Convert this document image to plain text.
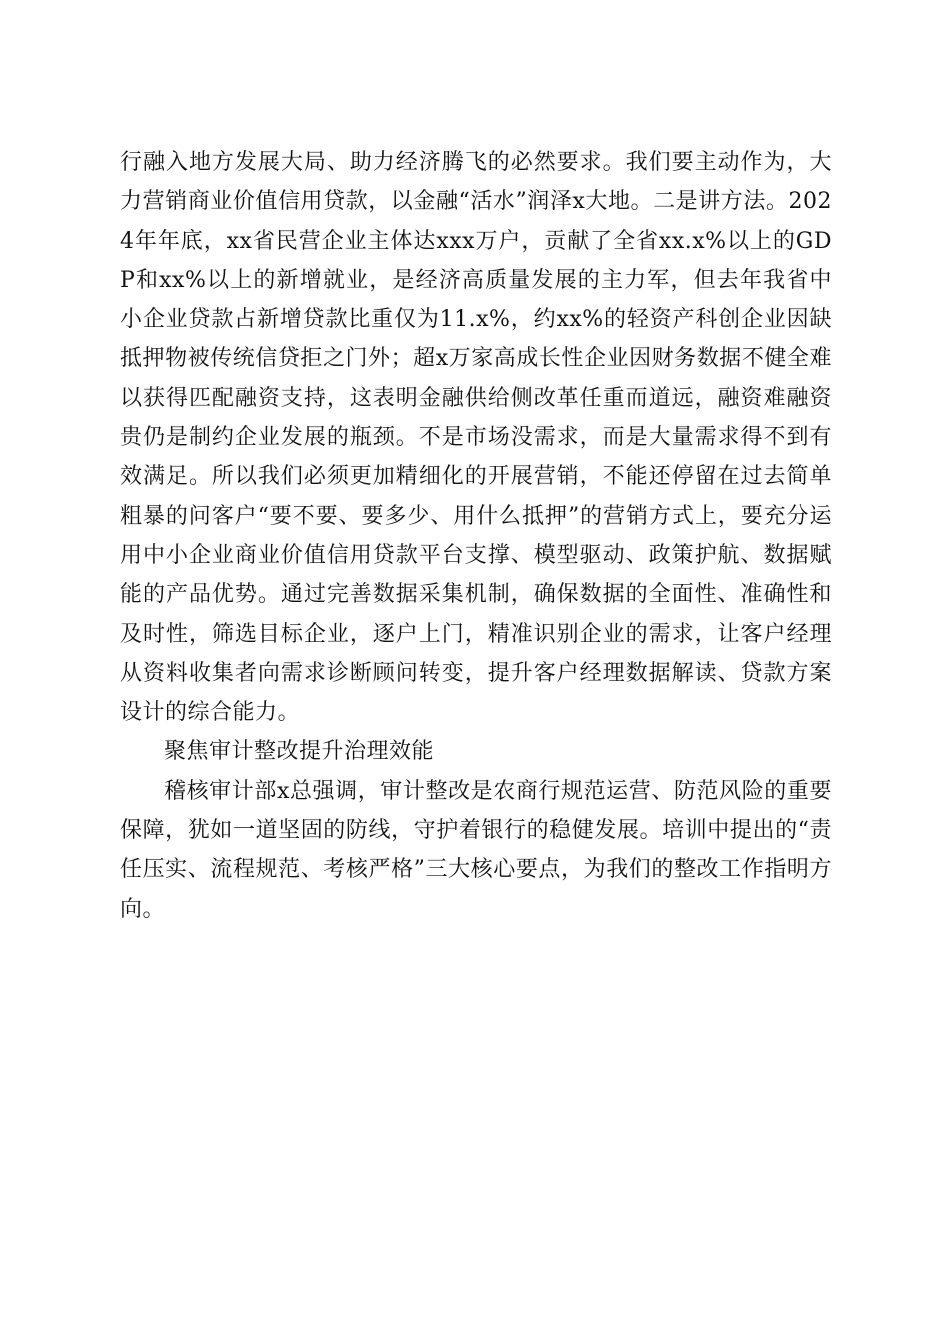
行融入地方发展大局、助力经济腾飞的必然要求。我们要主动作为，大力营销商业价值信用贷款，以金融“活水”润泽x大地。二是讲方法。2024年年底，xx省民营企业主体达xxx万户，贡献了全省xx.x%以上的GDP和xx%以上的新增就业，是经济高质量发展的主力军，但去年我省中小企业贷款占新增贷款比重仅为11.x%，约xx%的轻资产科创企业因缺抵押物被传统信贷拒之门外；超x万家高成长性企业因财务数据不健全难以获得匹配融资支持，这表明金融供给侧改革任重而道远，融资难融资贵仍是制约企业发展的瓶颈。不是市场没需求，而是大量需求得不到有效满足。所以我们必须更加精细化的开展营销，不能还停留在过去简单粗暴的问客户“要不要、要多少、用什么抵押”的营销方式上，要充分运用中小企业商业价值信用贷款平台支撑、模型驱动、政策护航、数据赋能的产品优势。通过完善数据采集机制，确保数据的全面性、准确性和及时性，筛选目标企业，逐户上门，精准识别企业的需求，让客户经理从资料收集者向需求诊断顾问转变，提升客户经理数据解读、贷款方案设计的综合能力。

聚焦审计整改提升治理效能

稽核审计部x总强调，审计整改是农商行规范运营、防范风险的重要保障，犹如一道坚固的防线，守护着银行的稳健发展。培训中提出的“责任压实、流程规范、考核严格”三大核心要点，为我们的整改工作指明方向。
